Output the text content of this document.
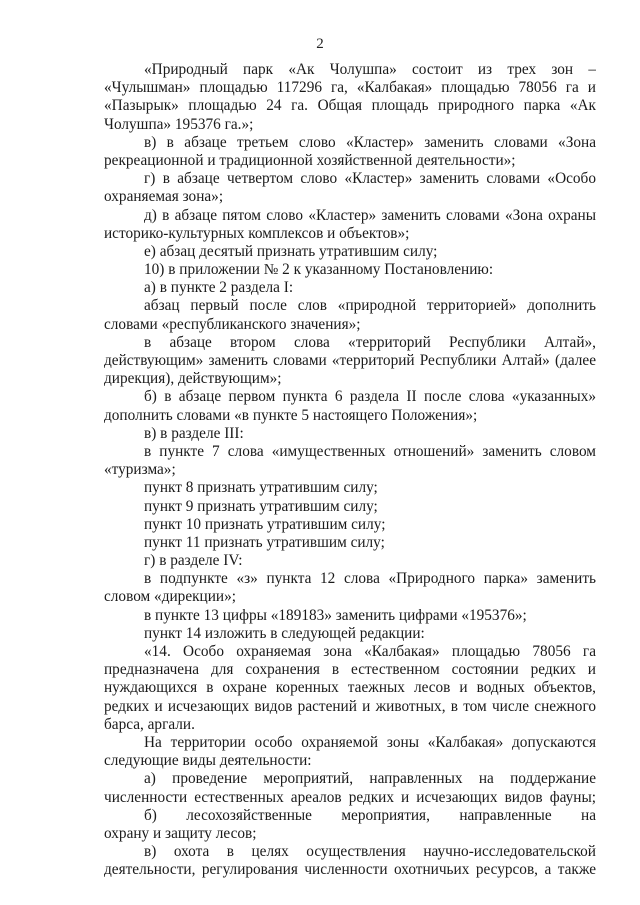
2
«Природный парк «Ак Чолушпа» состоит из трех зон –
«Чулышман» площадью 117296 га, «Калбакая» площадью 78056 га и
«Пазырык» площадью 24 га. Общая площадь природного парка «Ак
Чолушпа» 195376 га.»;
в) в абзаце третьем слово «Кластер» заменить словами «Зона
рекреационной и традиционной хозяйственной деятельности»;
г) в абзаце четвертом слово «Кластер» заменить словами «Особо
охраняемая зона»;
д) в абзаце пятом слово «Кластер» заменить словами «Зона охраны
историко-культурных комплексов и объектов»;
е) абзац десятый признать утратившим силу;
10) в приложении № 2 к указанному Постановлению:
а) в пункте 2 раздела I:
абзац первый после слов «природной территорией» дополнить
словами «республиканского значения»;
в абзаце втором слова «территорий Республики Алтай»,
действующим» заменить словами «территорий Республики Алтай» (далее
дирекция), действующим»;
б) в абзаце первом пункта 6 раздела II после слова «указанных»
дополнить словами «в пункте 5 настоящего Положения»;
в) в разделе III:
в пункте 7 слова «имущественных отношений» заменить словом
«туризма»;
пункт 8 признать утратившим силу;
пункт 9 признать утратившим силу;
пункт 10 признать утратившим силу;
пункт 11 признать утратившим силу;
г) в разделе IV:
в подпункте «з» пункта 12 слова «Природного парка» заменить
словом «дирекции»;
в пункте 13 цифры «189183» заменить цифрами «195376»;
пункт 14 изложить в следующей редакции:
«14. Особо охраняемая зона «Калбакая» площадью 78056 га
предназначена для сохранения в естественном состоянии редких и
нуждающихся в охране коренных таежных лесов и водных объектов,
редких и исчезающих видов растений и животных, в том числе снежного
барса, аргали.
На территории особо охраняемой зоны «Калбакая» допускаются
следующие виды деятельности:
а) проведение мероприятий, направленных на поддержание
численности естественных ареалов редких и исчезающих видов фауны;
б) лесохозяйственные мероприятия, направленные на
охрану и защиту лесов;
в) охота в целях осуществления научно-исследовательской
деятельности, регулирования численности охотничьих ресурсов, а также
